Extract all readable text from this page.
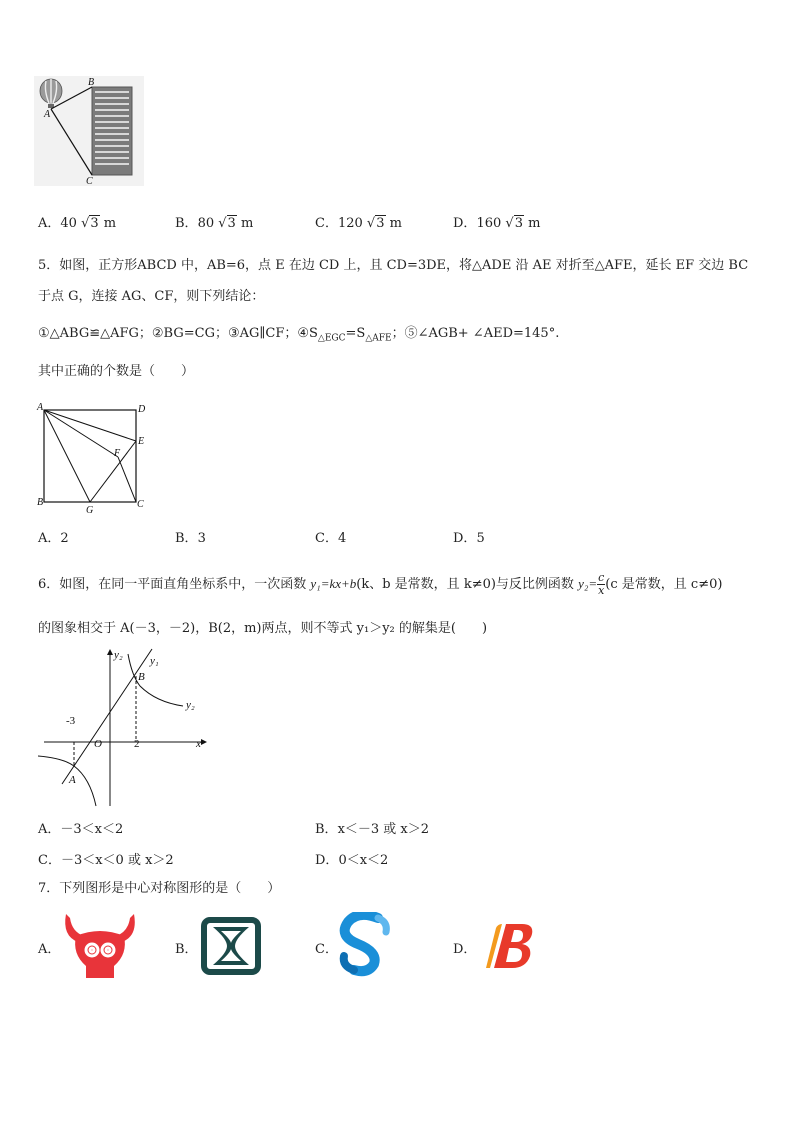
B
A
C
A．40 √3 m	B．80 √3 m	C．120 √3 m	D．160 √3 m
5．如图，正方形ABCD 中，AB=6，点 E 在边 CD 上，且 CD=3DE，将△ADE 沿 AE 对折至△AFE，延长 EF 交边 BC
于点 G，连接 AG、CF，则下列结论：
①△ABG≌△AFG；②BG=CG；③AG∥CF；$④S_{\triangle EGC}=S_{\triangle AFE}$；⑤∠AGB+ ∠AED=145°.
其中正确的个数是（　　）
A	D
E
F
B
G
C
A．2	B．3	C．4	D．5
6．如图，在同一平面直角坐标系中，一次函数 y₁=kx+b(k、b 是常数，且 k≠0)与反比例函数 $y_2= \frac{c}{x} (c$ 是常数，且 c≠0)
的图象相交于 A(－3，－2)，B(2，m)两点，则不等式 y₁＞y₂ 的解集是(　　)
y₂ y₁
B
y₂
-3
O	2	x
A
A．－3＜x＜2	B．x＜－3 或 x＞2
C．－3＜x＜0 或 x＞2	D．0＜x＜2
7．下列图形是中心对称图形的是（　　）
A．	B．	C．	D．
